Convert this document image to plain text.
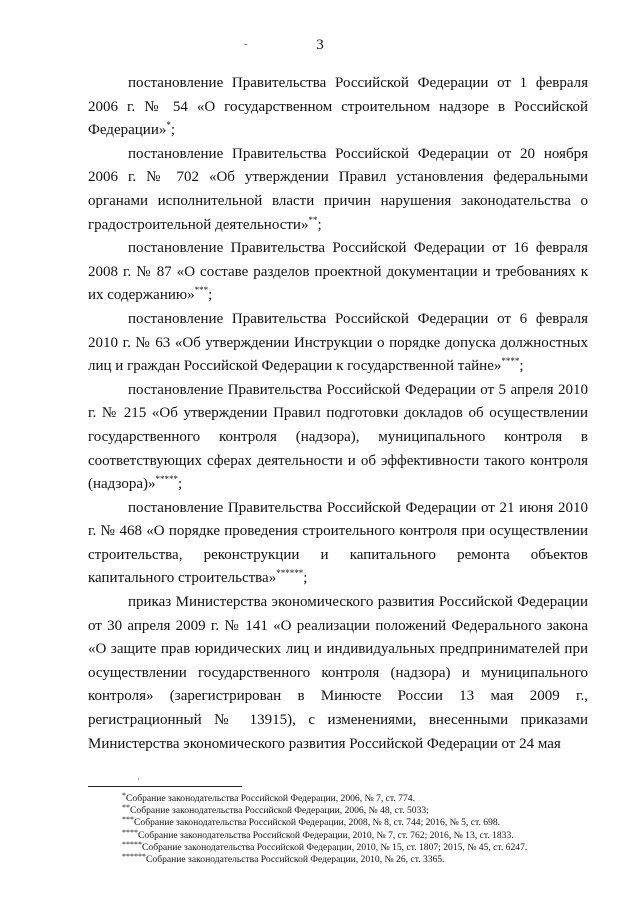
3
-

постановление Правительства Российской Федерации от 1 февраля 2006 г. № 54 «О государственном строительном надзоре в Российской Федерации»*;

постановление Правительства Российской Федерации от 20 ноября 2006 г. № 702 «Об утверждении Правил установления федеральными органами исполнительной власти причин нарушения законодательства о градостроительной деятельности»**;

постановление Правительства Российской Федерации от 16 февраля 2008 г. № 87 «О составе разделов проектной документации и требованиях к их содержанию»***;

постановление Правительства Российской Федерации от 6 февраля 2010 г. № 63 «Об утверждении Инструкции о порядке допуска должностных лиц и граждан Российской Федерации к государственной тайне»****;

постановление Правительства Российской Федерации от 5 апреля 2010 г. № 215 «Об утверждении Правил подготовки докладов об осуществлении государственного контроля (надзора), муниципального контроля в соответствующих сферах деятельности и об эффективности такого контроля (надзора)»*****;

постановление Правительства Российской Федерации от 21 июня 2010 г. № 468 «О порядке проведения строительного контроля при осуществлении строительства, реконструкции и капитального ремонта объектов капитального строительства»******;

приказ Министерства экономического развития Российской Федерации от 30 апреля 2009 г. № 141 «О реализации положений Федерального закона «О защите прав юридических лиц и индивидуальных предпринимателей при осуществлении государственного контроля (надзора) и муниципального контроля» (зарегистрирован в Минюсте России 13 мая 2009 г., регистрационный № 13915), с изменениями, внесенными приказами Министерства экономического развития Российской Федерации от 24 мая

·
*Собрание законодательства Российской Федерации, 2006, № 7, ст. 774.
**Собрание законодательства Российской Федерации, 2006, № 48, ст. 5033;
***Собрание законодательства Российской Федерации, 2008, № 8, ст. 744; 2016, № 5, ст. 698.
****Собрание законодательства Российской Федерации, 2010, № 7, ст. 762; 2016, № 13, ст. 1833.
*****Собрание законодательства Российской Федерации, 2010, № 15, ст. 1807; 2015, № 45, ст. 6247.
******Собрание законодательства Российской Федерации, 2010, № 26, ст. 3365.
